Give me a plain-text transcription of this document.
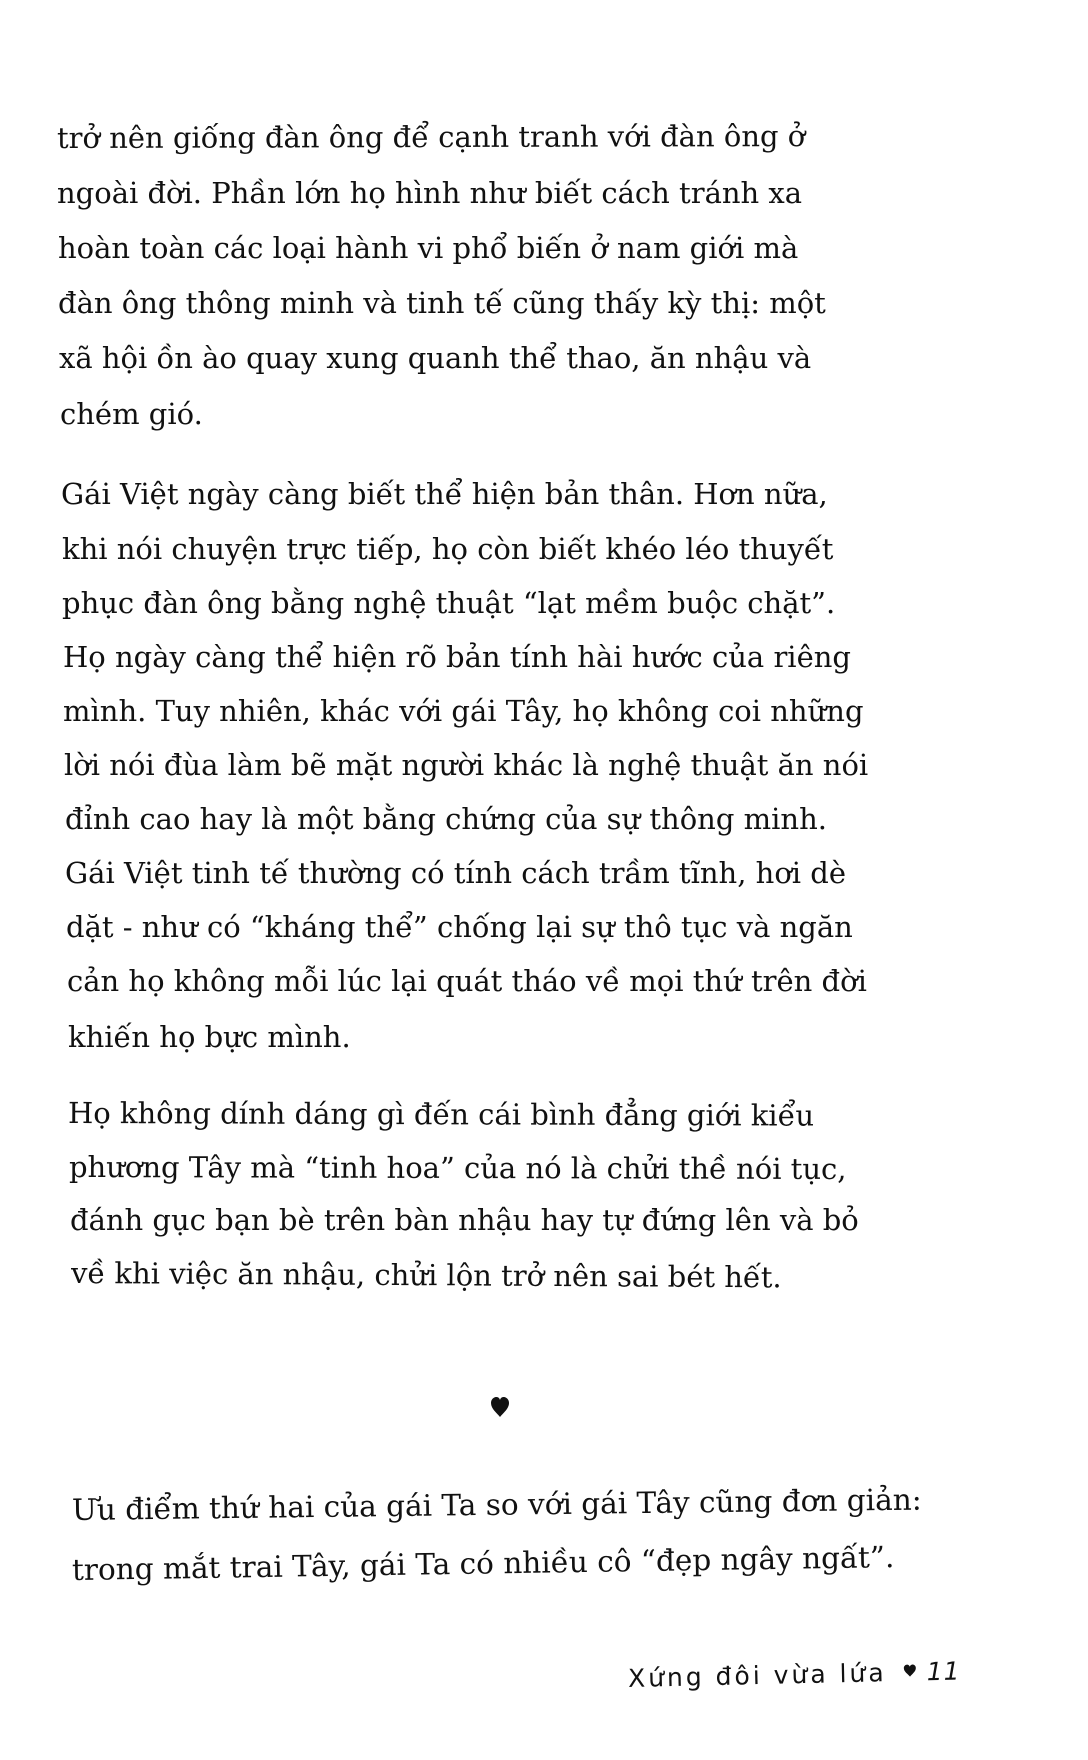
trở nên giống đàn ông để cạnh tranh với đàn ông ở
ngoài đời. Phần lớn họ hình như biết cách tránh xa
hoàn toàn các loại hành vi phổ biến ở nam giới mà
đàn ông thông minh và tinh tế cũng thấy kỳ thị: một
xã hội ồn ào quay xung quanh thể thao, ăn nhậu và
chém gió.
Gái Việt ngày càng biết thể hiện bản thân. Hơn nữa,
khi nói chuyện trực tiếp, họ còn biết khéo léo thuyết
phục đàn ông bằng nghệ thuật “lạt mềm buộc chặt”.
Họ ngày càng thể hiện rõ bản tính hài hước của riêng
mình. Tuy nhiên, khác với gái Tây, họ không coi những
lời nói đùa làm bẽ mặt người khác là nghệ thuật ăn nói
đỉnh cao hay là một bằng chứng của sự thông minh.
Gái Việt tinh tế thường có tính cách trầm tĩnh, hơi dè
dặt - như có “kháng thể” chống lại sự thô tục và ngăn
cản họ không mỗi lúc lại quát tháo về mọi thứ trên đời
khiến họ bực mình.
Họ không dính dáng gì đến cái bình đẳng giới kiểu
phương Tây mà “tinh hoa” của nó là chửi thề nói tục,
đánh gục bạn bè trên bàn nhậu hay tự đứng lên và bỏ
về khi việc ăn nhậu, chửi lộn trở nên sai bét hết.
Ưu điểm thứ hai của gái Ta so với gái Tây cũng đơn giản:
trong mắt trai Tây, gái Ta có nhiều cô “đẹp ngây ngất”.
Xứng đôi vừa lứa 11
